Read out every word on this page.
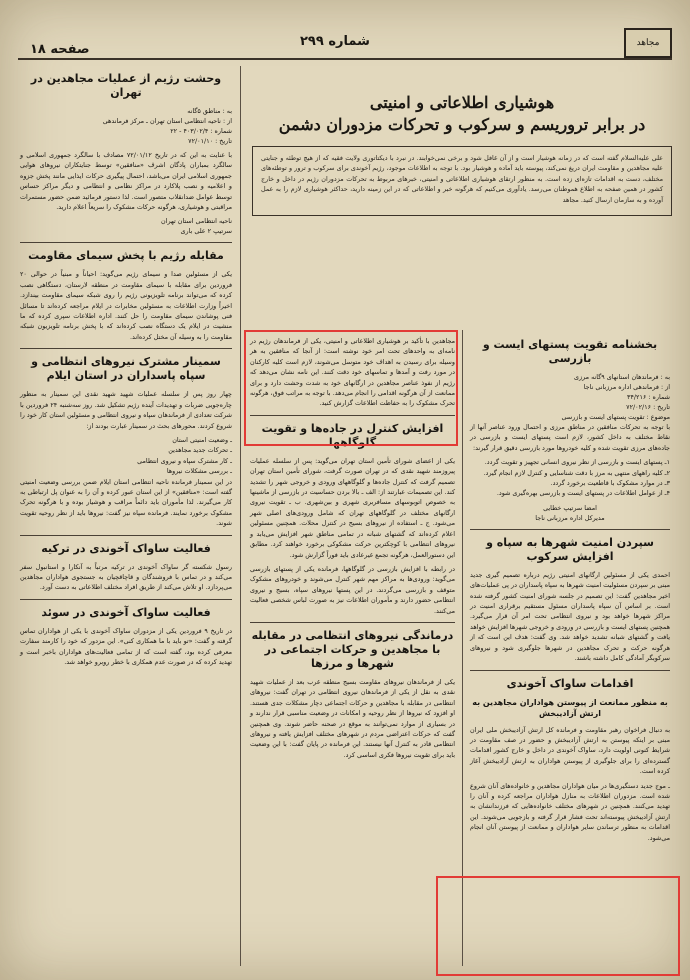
مجاهد
شماره ۲۹۹
صفحه ۱۸
هوشیاری اطلاعاتی و امنیتی
در برابر تروریسم و سرکوب و تحرکات مزدوران دشمن

علی علیه‌السلام گفته است که در زمانه هوشیار است و از آن غافل شود و برخی نمی‌خوابند. در نبرد با دیکتاتوری ولایت فقیه که از هیچ توطئه و جنایتی علیه مجاهدین و مقاومت ایران دریغ نمی‌کند، پیوسته باید آماده و هوشیار بود. با توجه به اطلاعات موجود، رژیم آخوندی برای سرکوب و ترور و توطئه‌های مختلف، دست به اقدامات تازه‌ای زده است. به منظور ارتقای هوشیاری اطلاعاتی و امنیتی، خبرهای مربوط به تحرکات مزدوران رژیم در داخل و خارج کشور در همین صفحه به اطلاع هموطنان می‌رسد. یادآوری می‌کنیم که هرگونه خبر و اطلاعاتی که در این زمینه دارید، حداکثر هوشیاری لازم را به عمل آورده و به سازمان ارسال کنید. مجاهد

بخشنامه تقویت پستهای ایست و بازرسی
به : فرماندهان استانهای ۹گانه مرزی
از : فرماندهی اداره مرزبانی ناجا
شماره : ۳۴/۲۱۶
تاریخ : ۷۲/۰۲/۱۶
موضوع : تقویت پستهای ایست و بازرسی

با توجه به تحرکات منافقین در مناطق مرزی و احتمال ورود عناصر آنها از نقاط مختلف به داخل کشور، لازم است پستهای ایست و بازرسی در جاده‌های مرزی تقویت شده و کلیه خودروها مورد بازرسی دقیق قرار گیرند:

۱ـ پستهای ایست و بازرسی از نظر نیروی انسانی تجهیز و تقویت گردد.
۲ـ کلیه راههای منتهی به مرز با دقت شناسایی و کنترل لازم انجام گیرد.
۳ـ در موارد مشکوک با قاطعیت برخورد گردد.
۴ـ از عوامل اطلاعات در پستهای ایست و بازرسی بهره‌گیری شود.
امضا سرتیپ خطایی
مدیرکل اداره مرزبانی ناجا
سپردن امنیت شهرها به سپاه و افزایش سرکوب

احمدی یکی از مسئولین ارگانهای امنیتی رژیم درباره تصمیم گیری جدید مبنی بر سپردن مسئولیت امنیت شهرها به سپاه پاسداران در پی عملیات‌های اخیر مجاهدین گفت: این تصمیم در جلسه شورای امنیت کشور گرفته شده است. بر اساس آن سپاه پاسداران مسئول مستقیم برقراری امنیت در مراکز شهرها خواهد بود و نیروی انتظامی تحت امر آن قرار می‌گیرد. همچنین پستهای ایست و بازرسی در ورودی و خروجی شهرها افزایش خواهد یافت و گشتهای شبانه تشدید خواهد شد. وی گفت: هدف این است که از هرگونه حرکت و تحرک مجاهدین در شهرها جلوگیری شود و نیروهای سرکوبگر آمادگی کامل داشته باشند.

اقدامات ساواک آخوندی
به منظور ممانعت از پیوستن هواداران مجاهدین به ارتش آزادیبخش

به دنبال فراخوان رهبر مقاومت و فرمانده کل ارتش آزادیبخش ملی ایران مبنی بر اینکه پیوستن به ارتش آزادیبخش و حضور در صف مقاومت در شرایط کنونی اولویت دارد، ساواک آخوندی در داخل و خارج کشور اقدامات گسترده‌ای را برای جلوگیری از پیوستن هواداران به ارتش آزادیبخش آغاز کرده است.

ـ موج جدید دستگیری‌ها در میان هواداران مجاهدین و خانواده‌های آنان شروع شده است. مزدوران اطلاعات به منازل هواداران مراجعه کرده و آنان را تهدید می‌کنند. همچنین در شهرهای مختلف خانواده‌هایی که فرزندانشان به ارتش آزادیبخش پیوسته‌اند تحت فشار قرار گرفته و بازجویی می‌شوند. این اقدامات به منظور ترساندن سایر هواداران و ممانعت از پیوستن آنان انجام می‌شود.

مجاهدین با تأکید بر هوشیاری اطلاعاتی و امنیتی، یکی از فرماندهان رژیم در نامه‌ای به واحدهای تحت امر خود نوشته است: از آنجا که منافقین به هر وسیله برای رسیدن به اهداف خود متوسل می‌شوند، لازم است کلیه کارکنان در مورد رفت و آمدها و تماسهای خود دقت کنند. این نامه نشان می‌دهد که رژیم از نفوذ عناصر مجاهدین در ارگانهای خود به شدت وحشت دارد و برای ممانعت از آن هرگونه اقدامی را انجام می‌دهد. با توجه به مراتب فوق، هرگونه تحرک مشکوک را به حفاظت اطلاعات گزارش کنید.

افزایش کنترل در جاده‌ها و تقویت گلوگاهها

یکی از اعضای شورای تأمین استان تهران می‌گوید: پس از سلسله عملیات پیروزمند شهید نقدی که در تهران صورت گرفت، شورای تأمین استان تهران تصمیم گرفت که کنترل جاده‌ها و گلوگاههای ورودی و خروجی شهر را تشدید کند. این تصمیمات عبارتند از: الف ـ بالا بردن حساسیت در بازرسی از ماشینها به خصوص اتوبوسهای مسافربری شهری و بین‌شهری. ب ـ تقویت نیروی ارگانهای مختلف در گلوگاههای تهران که شامل ورودی‌های اصلی شهر می‌شود. ج ـ استفاده از نیروهای بسیج در کنترل محلات. همچنین مسئولین اعلام کرده‌اند که گشتهای شبانه در تمامی مناطق شهر افزایش می‌یابد و نیروهای انتظامی با کوچکترین حرکت مشکوکی برخورد خواهند کرد. مطابق این دستورالعمل، هرگونه تجمع غیرعادی باید فوراً گزارش شود.

در رابطه با افزایش بازرسی در گلوگاهها، فرمانده یکی از پستهای بازرسی می‌گوید: ورودی‌ها به مراکز مهم شهر کنترل می‌شوند و خودروهای مشکوک متوقف و بازرسی می‌گردند. در این پستها نیروهای سپاه، بسیج و نیروی انتظامی حضور دارند و مأموران اطلاعات نیز به صورت لباس شخصی فعالیت می‌کنند.

درماندگی نیروهای انتظامی در مقابله با مجاهدین و حرکات اجتماعی در شهرها و مرزها

یکی از فرماندهان نیروهای مقاومت بسیج منطقه غرب بعد از عملیات شهید نقدی به نقل از یکی از فرماندهان نیروی انتظامی در تهران گفت: نیروهای انتظامی در مقابله با مجاهدین و حرکات اجتماعی دچار مشکلات جدی هستند. او افزود که نیروها از نظر روحیه و امکانات در وضعیت مناسبی قرار ندارند و در بسیاری از موارد نمی‌توانند به موقع در صحنه حاضر شوند. وی همچنین گفت که حرکات اعتراضی مردم در شهرهای مختلف افزایش یافته و نیروهای انتظامی قادر به کنترل آنها نیستند. این فرمانده در پایان گفت: با این وضعیت باید برای تقویت نیروها فکری اساسی کرد.

وحشت رژیم از عملیات مجاهدین در تهران
به : مناطق ۵گانه
از : ناحیه انتظامی استان تهران ـ مرکز فرماندهی
شماره : ۴۰۳/۰۲/۴ - ۲۲
تاریخ : ۷۲/۰۱/۱۰

با عنایت به این که در تاریخ ۷۲/۰۱/۱۲ مصادف با سالگرد جمهوری اسلامی و سالگرد بمباران پادگان اشرف «منافقین» توسط جنایتکاران نیروهای هوایی جمهوری اسلامی ایران می‌باشد، احتمال پیگیری حرکات ایذایی مانند پخش جزوه و اعلامیه و نصب پلاکارد در مراکز نظامی و انتظامی و دیگر مراکز حساس توسط عوامل ضدانقلاب متصور است. لذا دستور فرمائید ضمن حضور مستمرات مراقبتی و هوشیاری، هرگونه حرکات مشکوک را سریعاً اعلام دارید.

ناحیه انتظامی استان تهران
سرتیپ ۲ علی باری
مقابله رژیم با پخش سیمای مقاومت

یکی از مسئولین صدا و سیمای رژیم می‌گوید: احیاناً و مبنیاً در حوالی ۲۰ فروردین برای مقابله با سیمای مقاومت در منطقه لارستان، دستگاهی نصب کرده که می‌تواند برنامه تلویزیونی رژیم را روی شبکه سیمای مقاومت بیندازد. اخیراً وزارت اطلاعات به مسئولین مخابرات در ایلام مراجعه کرده‌اند تا مسائل فنی پوشاندن سیمای مقاومت را حل کنند. اداره اطلاعات سپری کرده که ما منشیت در ایلام یک دستگاه نصب کرده‌اند که با پخش برنامه تلویزیون شبکه مقاومت را به وسیله آن مختل کرده‌اند.

سمینار مشترک نیروهای انتظامی و سپاه پاسداران در استان ایلام

چهار روز پس از سلسله عملیات شهید شهید نقدی این سمینار به منظور چاره‌جویی ضربات و تهدیدات آینده رژیم تشکیل شد. روز سه‌شنبه ۲۴ فروردین با شرکت تعدادی از فرماندهان سپاه و نیروی انتظامی و مسئولین استان کار خود را شروع کردند. محورهای بحث در سمینار عبارت بودند از:

ـ وضعیت امنیتی استان
ـ تحرکات جدید مجاهدین
ـ کار مشترک سپاه و نیروی انتظامی
ـ بررسی مشکلات نیروها

در این سمینار فرمانده ناحیه انتظامی استان ایلام ضمن بررسی وضعیت امنیتی گفته است: «منافقین» از این استان عبور کرده و آن را به عنوان پل ارتباطی به کار می‌گیرند. لذا مأموران باید دائماً مراقب و هوشیار بوده و با هرگونه تحرک مشکوک برخورد نمایند. فرمانده سپاه نیز گفت: نیروها باید از نظر روحیه تقویت شوند.

فعالیت ساواک آخوندی در ترکیه

رسول شکسته گر ساواک آخوندی در ترکیه مرتباً به آنکارا و استانبول سفر می‌کند و در تماس با فروشندگان و قاچاقچیان به جستجوی هواداران مجاهدین می‌پردازد. او تلاش می‌کند از طریق افراد مختلف اطلاعاتی به دست آورد.

فعالیت ساواک آخوندی در سوئد

در تاریخ ۹ فروردین یکی از مزدوران ساواک آخوندی با یکی از هواداران تماس گرفته و گفت: «تو باید با ما همکاری کنی». این مزدور که خود را کارمند سفارت معرفی کرده بود، گفته است که از تمامی فعالیت‌های هواداران باخبر است و تهدید کرده که در صورت عدم همکاری با خطر روبرو خواهد شد.
